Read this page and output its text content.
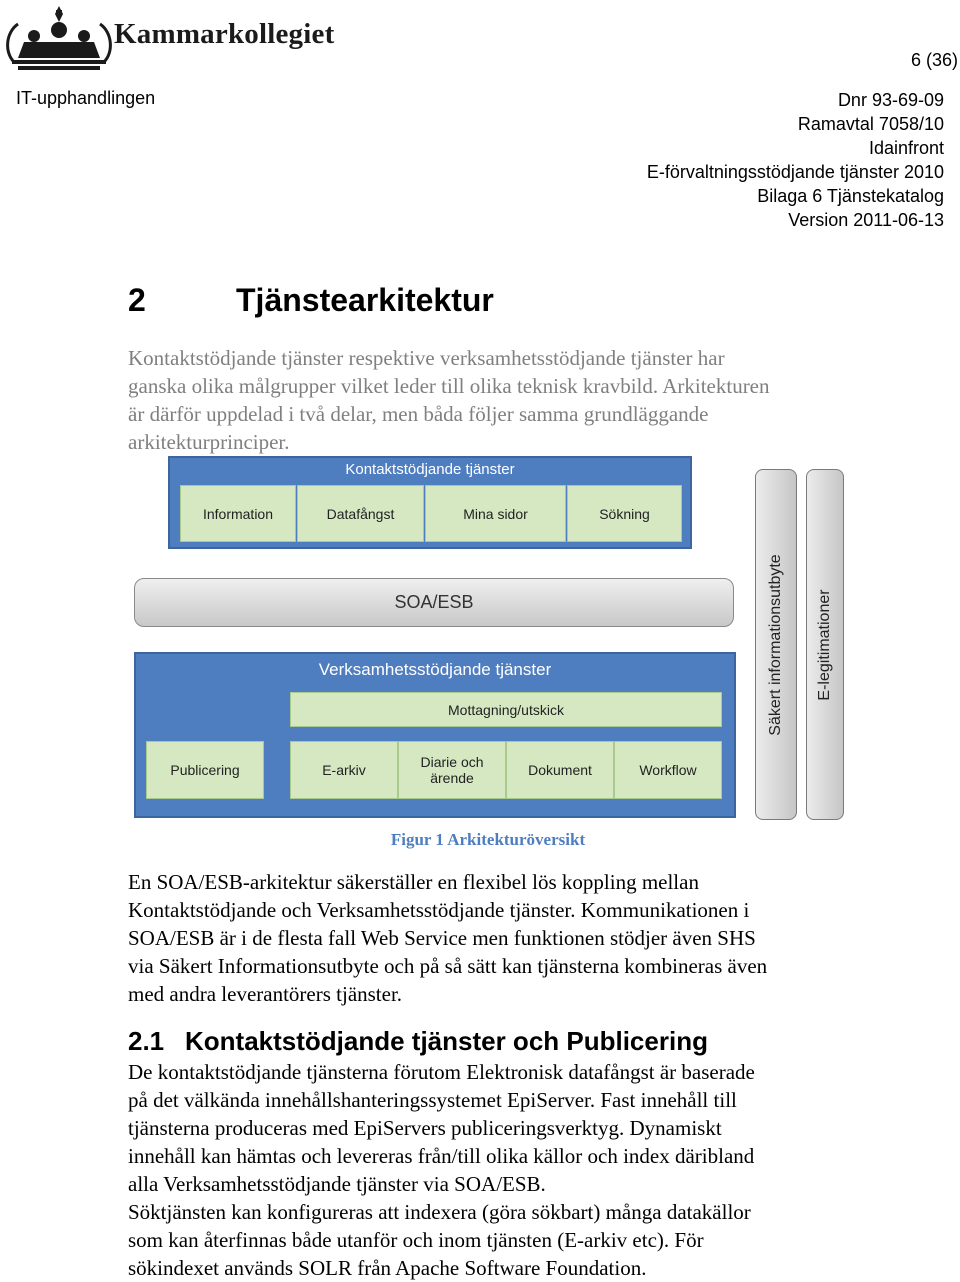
Kammarkollegiet
6 (36)
IT-upphandlingen	Dnr 93-69-09
Ramavtal 7058/10
Idainfront
E-förvaltningsstödjande tjänster 2010
Bilaga 6 Tjänstekatalog
Version 2011-06-13
2	Tjänstearkitektur
Kontaktstödjande tjänster respektive verksamhetsstödjande tjänster har
ganska olika målgrupper vilket leder till olika teknisk kravbild. Arkitekturen
är därför uppdelad i två delar, men båda följer samma grundläggande
arkitekturprinciper.
Kontaktstödjande tjänster
Information	Datafångst	Mina sidor	Sökning
SOA/ESB
Verksamhetsstödjande tjänster
Mottagning/utskick
Publicering	E-arkiv	Diarie och ärende	Dokument	Workflow
Säkert informationsutbyte E-legitimationer
Figur 1 Arkitekturöversikt
En SOA/ESB-arkitektur säkerställer en flexibel lös koppling mellan
Kontaktstödjande och Verksamhetsstödjande tjänster. Kommunikationen i
SOA/ESB är i de flesta fall Web Service men funktionen stödjer även SHS
via Säkert Informationsutbyte och på så sätt kan tjänsterna kombineras även
med andra leverantörers tjänster.
2.1 Kontaktstödjande tjänster och Publicering
De kontaktstödjande tjänsterna förutom Elektronisk datafångst är baserade
på det välkända innehållshanteringssystemet EpiServer. Fast innehåll till
tjänsterna produceras med EpiServers publiceringsverktyg. Dynamiskt
innehåll kan hämtas och levereras från/till olika källor och index däribland
alla Verksamhetsstödjande tjänster via SOA/ESB.
Söktjänsten kan konfigureras att indexera (göra sökbart) många datakällor
som kan återfinnas både utanför och inom tjänsten (E-arkiv etc). För
sökindexet används SOLR från Apache Software Foundation.
